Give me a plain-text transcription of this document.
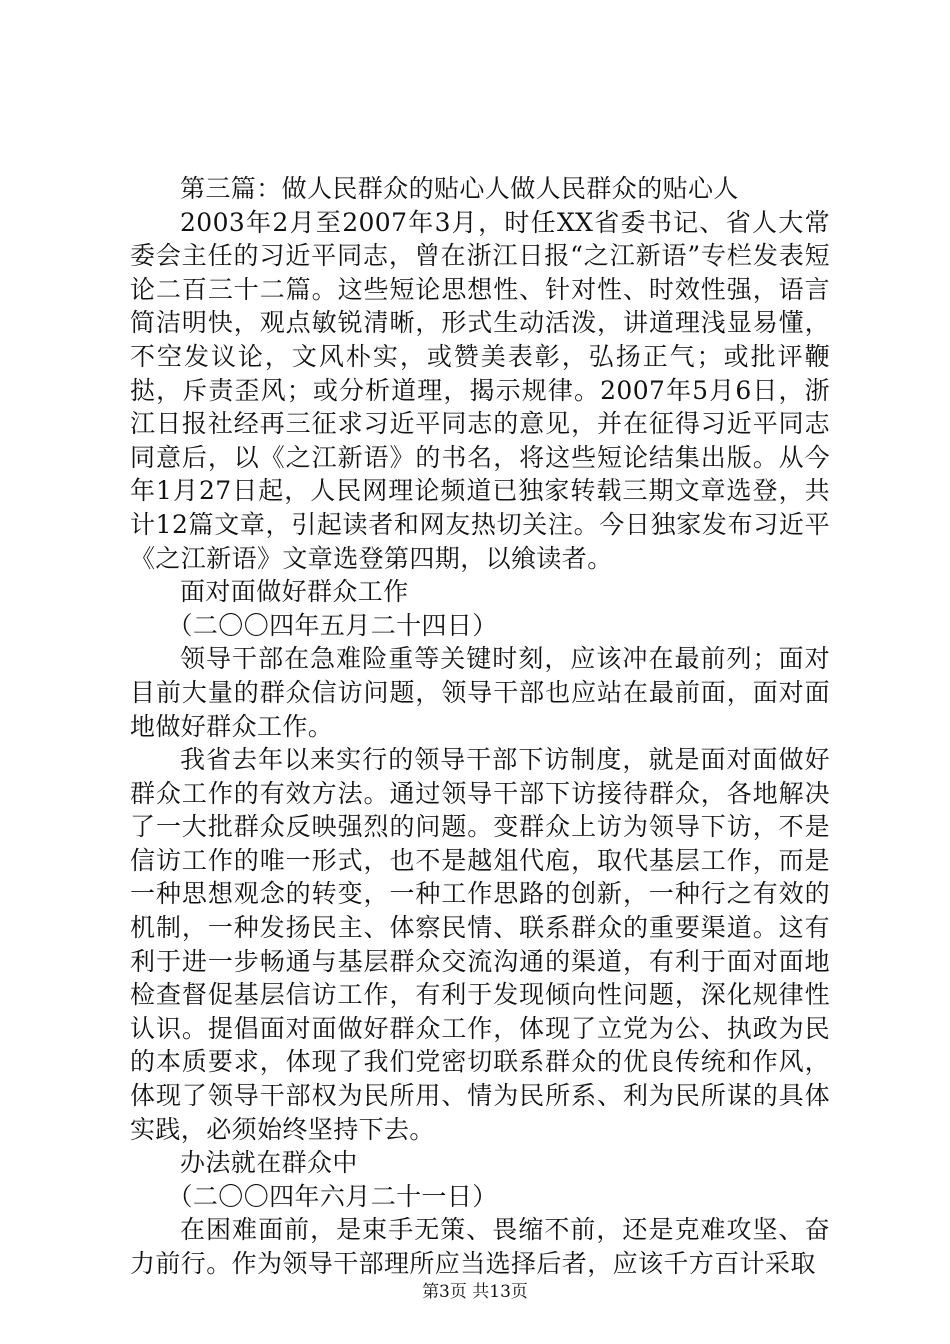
第三篇：做人民群众的贴心人做人民群众的贴心人

2003年2月至2007年3月，时任XX省委书记、省人大常委会主任的习近平同志，曾在浙江日报“之江新语”专栏发表短论二百三十二篇。这些短论思想性、针对性、时效性强，语言简洁明快，观点敏锐清晰，形式生动活泼，讲道理浅显易懂，不空发议论，文风朴实，或赞美表彰，弘扬正气；或批评鞭挞，斥责歪风；或分析道理，揭示规律。2007年5月6日，浙江日报社经再三征求习近平同志的意见，并在征得习近平同志同意后，以《之江新语》的书名，将这些短论结集出版。从今年1月27日起，人民网理论频道已独家转载三期文章选登，共计12篇文章，引起读者和网友热切关注。今日独家发布习近平《之江新语》文章选登第四期，以飨读者。

面对面做好群众工作

（二〇〇四年五月二十四日）

领导干部在急难险重等关键时刻，应该冲在最前列；面对目前大量的群众信访问题，领导干部也应站在最前面，面对面地做好群众工作。

我省去年以来实行的领导干部下访制度，就是面对面做好群众工作的有效方法。通过领导干部下访接待群众，各地解决了一大批群众反映强烈的问题。变群众上访为领导下访，不是信访工作的唯一形式，也不是越俎代庖，取代基层工作，而是一种思想观念的转变，一种工作思路的创新，一种行之有效的机制，一种发扬民主、体察民情、联系群众的重要渠道。这有利于进一步畅通与基层群众交流沟通的渠道，有利于面对面地检查督促基层信访工作，有利于发现倾向性问题，深化规律性认识。提倡面对面做好群众工作，体现了立党为公、执政为民的本质要求，体现了我们党密切联系群众的优良传统和作风，体现了领导干部权为民所用、情为民所系、利为民所谋的具体实践，必须始终坚持下去。

办法就在群众中

（二〇〇四年六月二十一日）

在困难面前，是束手无策、畏缩不前，还是克难攻坚、奋力前行。作为领导干部理所应当选择后者，应该千方百计采取

第3页 共13页
